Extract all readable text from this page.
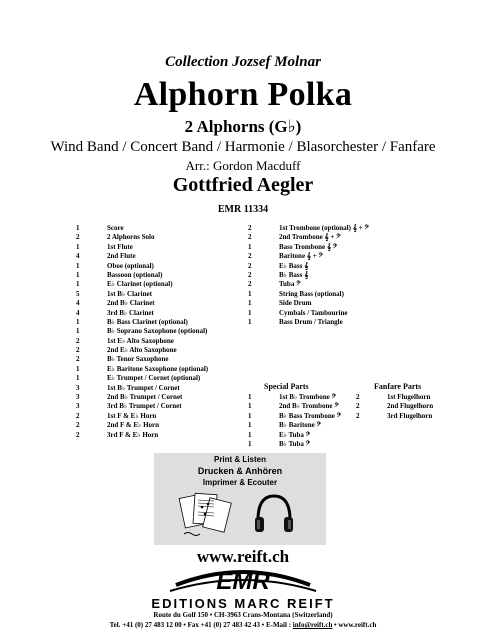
Collection Jozsef Molnar
Alphorn Polka
2 Alphorns (G♭)
Wind Band / Concert Band / Harmonie / Blasorchester / Fanfare
Arr.: Gordon Macduff
Gottfried Aegler
EMR 11334
1	Score
2	2 Alphorns Solo
1	1st Flute
4	2nd Flute
1	Oboe (optional)
1	Bassoon (optional)
1	E♭ Clarinet (optional)
5	1st B♭ Clarinet
4	2nd B♭ Clarinet
4	3rd B♭ Clarinet
1	B♭ Bass Clarinet (optional)
1	B♭ Soprano Saxophone (optional)
2	1st E♭ Alto Saxophone
2	2nd E♭ Alto Saxophone
2	B♭ Tenor Saxophone
1	E♭ Baritone Saxophone (optional)
1	E♭ Trumpet / Cornet (optional)
3	1st B♭ Trumpet / Cornet
3	2nd B♭ Trumpet / Cornet
3	3rd B♭ Trumpet / Cornet
2	1st F & E♭ Horn
2	2nd F & E♭ Horn
2	3rd F & E♭ Horn
2	1st Trombone (optional) 𝄞 + 𝄢
2	2nd Trombone 𝄞 + 𝄢
1	Bass Trombone 𝄞 𝄢
2	Baritone 𝄞 + 𝄢
2	E♭ Bass 𝄞
2	B♭ Bass 𝄞
2	Tuba 𝄢
1	String Bass (optional)
1	Side Drum
1	Cymbals / Tambourine
1	Bass Drum / Triangle
Special Parts	Fanfare Parts
1	1st B♭ Trombone 𝄢
1	2nd B♭ Trombone 𝄢
1	B♭ Bass Trombone 𝄢
1	B♭ Baritone 𝄢
1	E♭ Tuba 𝄢
1	B♭ Tuba 𝄢
2	1st Flugelhorn
2	2nd Flugelhorn
2	3rd Flugelhorn
Print & Listen
Drucken & Anhören
Imprimer & Ecouter
www.reift.ch
EMR
EDITIONS MARC REIFT
Route du Golf 150 • CH-3963 Crans-Montana (Switzerland)
Tel. +41 (0) 27 483 12 00 • Fax +41 (0) 27 483 42 43 • E-Mail : info@reift.ch • www.reift.ch
